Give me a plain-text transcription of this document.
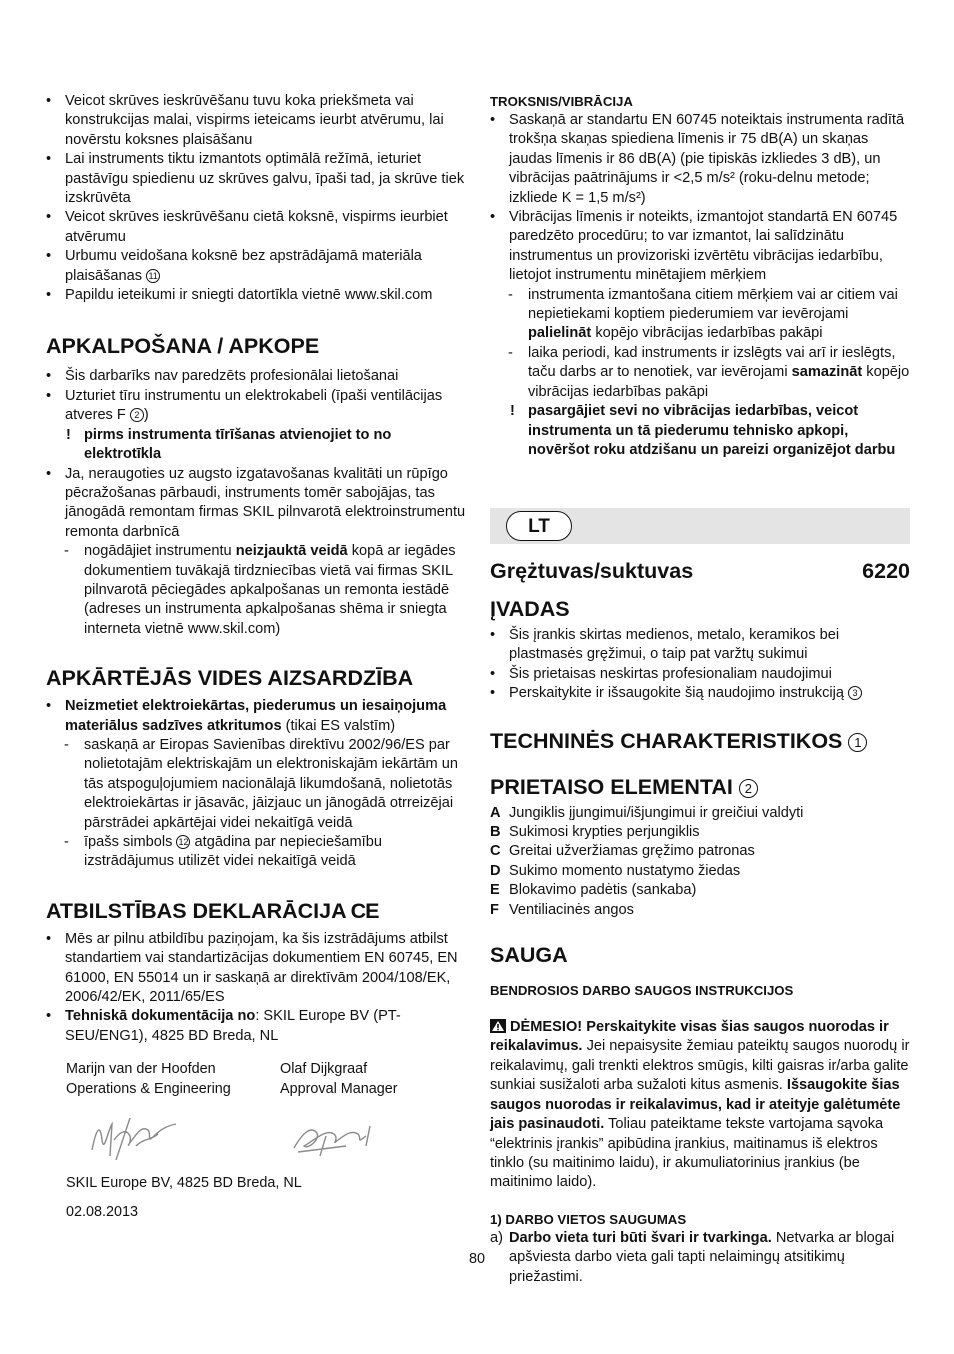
• Veicot skrūves ieskrūvēšanu tuvu koka priekšmeta vai konstrukcijas malai, vispirms ieteicams ieurbt atvērumu, lai novērstu koksnes plaisāšanu
• Lai instruments tiktu izmantots optimālā režīmā, ieturiet pastāvīgu spiedienu uz skrūves galvu, īpaši tad, ja skrūve tiek izskrūvēta
• Veicot skrūves ieskrūvēšanu cietā koksnē, vispirms ieurbiet atvērumu
• Urbumu veidošana koksnē bez apstrādājamā materiāla plaisāšanas 11
• Papildu ieteikumi ir sniegti datortīkla vietnē www.skil.com
APKALPOŠANA / APKOPE
• Šis darbarīks nav paredzēts profesionālai lietošanai
• Uzturiet tīru instrumentu un elektrokabeli (īpaši ventilācijas atveres F 2 )
! pirms instrumenta tīrīšanas atvienojiet to no elektrotīkla
• Ja, neraugoties uz augsto izgatavošanas kvalitāti un rūpīgo pēcražošanas pārbaudi, instruments tomēr sabojājas, tas jānogādā remontam firmas SKIL pilnvarotā elektroinstrumentu remonta darbnīcā
- nogādājiet instrumentu neizjauktā veidā kopā ar iegādes dokumentiem tuvākajā tirdzniecības vietā vai firmas SKIL pilnvarotā pēciegādes apkalpošanas un remonta iestādē (adreses un instrumenta apkalpošanas shēma ir sniegta interneta vietnē www.skil.com)
APKĀRTĒJĀS VIDES AIZSARDZĪBA
• Neizmetiet elektroiekārtas, piederumus un iesaiņojuma materiālus sadzīves atkritumos (tikai ES valstīm)
- saskaņā ar Eiropas Savienības direktīvu 2002/96/ES par nolietotajām elektriskajām un elektroniskajām iekārtām un tās atspoguļojumiem nacionālajā likumdošanā, nolietotās elektroiekārtas ir jāsavāc, jāizjauc un jānogādā otrreizējai pārstrādei apkārtējai videi nekaitīgā veidā
- īpašs simbols 12 atgādina par nepieciešamību izstrādājumus utilizēt videi nekaitīgā veidā
ATBILSTĪBAS DEKLARĀCIJA CE
• Mēs ar pilnu atbildību paziņojam, ka šis izstrādājums atbilst standartiem vai standartizācijas dokumentiem EN 60745, EN 61000, EN 55014 un ir saskaņā ar direktīvām 2004/108/EK, 2006/42/EK, 2011/65/ES
• Tehniskā dokumentācija no: SKIL Europe BV (PT-SEU/ENG1), 4825 BD Breda, NL
Marijn van der Hoofden
Operations & Engineering
Olaf Dijkgraaf
Approval Manager
SKIL Europe BV, 4825 BD Breda, NL
02.08.2013
TROKSNIS/VIBRĀCIJA
• Saskaņā ar standartu EN 60745 noteiktais instrumenta radītā trokšņa skaņas spiediena līmenis ir 75 dB(A) un skaņas jaudas līmenis ir 86 dB(A) (pie tipiskās izkliedes 3 dB), un vibrācijas paātrinājums ir <2,5 m/s² (roku-delnu metode; izkliede K = 1,5 m/s²)
• Vibrācijas līmenis ir noteikts, izmantojot standartā EN 60745 paredzēto procedūru; to var izmantot, lai salīdzinātu instrumentus un provizoriski izvērtētu vibrācijas iedarbību, lietojot instrumentu minētajiem mērķiem
- instrumenta izmantošana citiem mērķiem vai ar citiem vai nepietiekami koptiem piederumiem var ievērojami palielināt kopējo vibrācijas iedarbības pakāpi
- laika periodi, kad instruments ir izslēgts vai arī ir ieslēgts, taču darbs ar to nenotiek, var ievērojami samazināt kopējo vibrācijas iedarbības pakāpi
! pasargājiet sevi no vibrācijas iedarbības, veicot instrumenta un tā piederumu tehnisko apkopi, novēršot roku atdzišanu un pareizi organizējot darbu
LT
Grężtuvas/suktuvas	6220
ĮVADAS
• Šis įrankis skirtas medienos, metalo, keramikos bei plastmasės gręžimui, o taip pat varžtų sukimui
• Šis prietaisas neskirtas profesionaliam naudojimui
• Perskaitykite ir išsaugokite šią naudojimo instrukciją 3
TECHNINĖS CHARAKTERISTIKOS 1
PRIETAISO ELEMENTAI 2
A Jungiklis įjungimui/išjungimui ir greičiui valdyti
B Sukimosi krypties perjungiklis
C Greitai užveržiamas gręžimo patronas
D Sukimo momento nustatymo žiedas
E Blokavimo padėtis (sankaba)
F Ventiliacinės angos
SAUGA
BENDROSIOS DARBO SAUGOS INSTRUKCIJOS

DĖMESIO! Perskaitykite visas šias saugos nuorodas ir reikalavimus. Jei nepaisysite žemiau pateiktų saugos nuorodų ir reikalavimų, gali trenkti elektros smūgis, kilti gaisras ir/arba galite sunkiai susižaloti arba sužaloti kitus asmenis. Išsaugokite šias saugos nuorodas ir reikalavimus, kad ir ateityje galėtumėte jais pasinaudoti. Toliau pateiktame tekste vartojama sąvoka “elektrinis įrankis” apibūdina įrankius, maitinamus iš elektros tinklo (su maitinimo laidu), ir akumuliatorinius įrankius (be maitinimo laido).

1) DARBO VIETOS SAUGUMAS
a) Darbo vieta turi būti švari ir tvarkinga. Netvarka ar blogai apšviesta darbo vieta gali tapti nelaimingų atsitikimų priežastimi.
80
